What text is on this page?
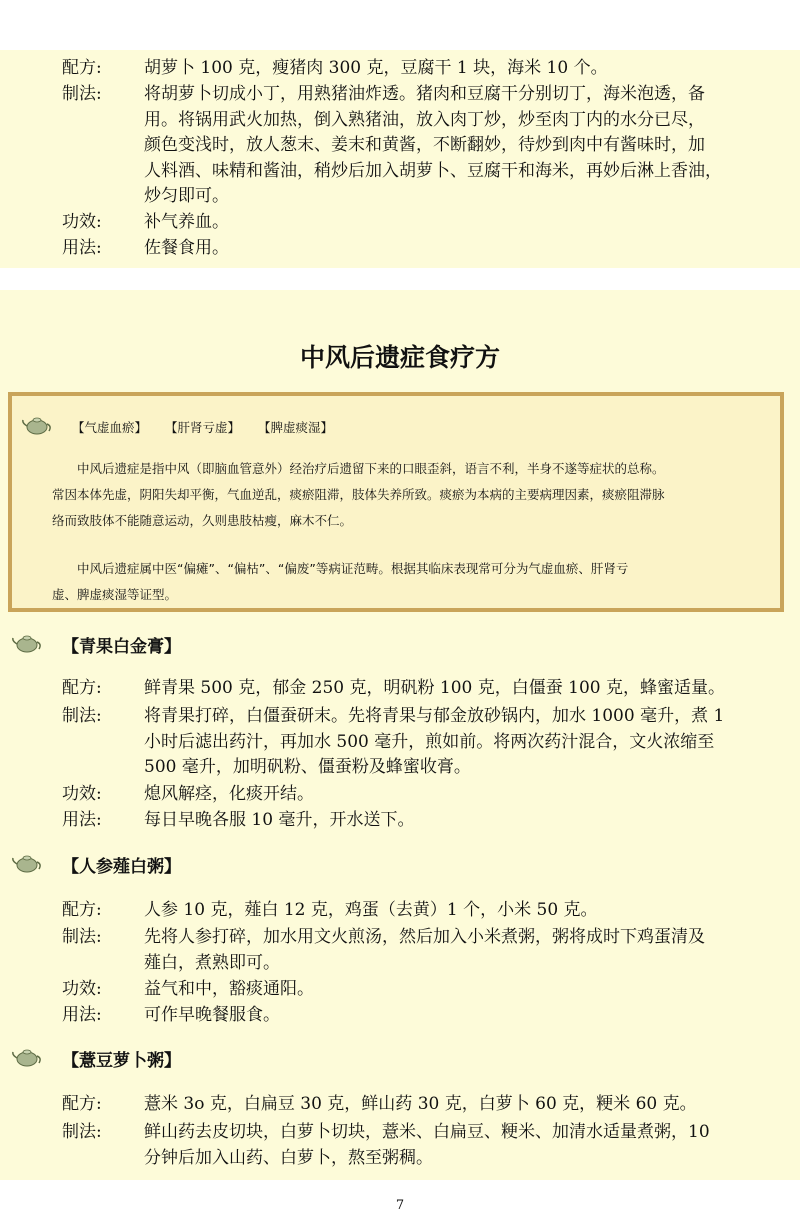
配方:	胡萝卜 100 克，瘦猪肉 300 克，豆腐干 1 块，海米 10 个。
制法:	将胡萝卜切成小丁，用熟猪油炸透。猪肉和豆腐干分别切丁，海米泡透，备
用。将锅用武火加热，倒入熟猪油，放入肉丁炒，炒至肉丁内的水分已尽，
颜色变浅时，放人葱末、姜末和黄酱，不断翻妙，待炒到肉中有酱味时，加
人料酒、味精和酱油，稍炒后加入胡萝卜、豆腐干和海米，再妙后淋上香油，
炒匀即可。
功效:	补气养血。
用法:	佐餐食用。
中风后遗症食疗方
【气虚血瘀】 【肝肾亏虚】 【脾虚痰湿】
中风后遗症是指中风（即脑血管意外）经治疗后遗留下来的口眼歪斜，语言不利，半身不遂等症状的总称。
常因本体先虚，阴阳失却平衡，气血逆乱，痰瘀阻滞，肢体失养所致。痰瘀为本病的主要病理因素，痰瘀阻滞脉
络而致肢体不能随意运动，久则患肢枯瘦，麻木不仁。
中风后遗症属中医“偏瘫”、“偏枯”、“偏废”等病证范畴。根据其临床表现常可分为气虚血瘀、肝肾亏
虚、脾虚痰湿等证型。
【青果白金膏】
配方:	鲜青果 500 克，郁金 250 克，明矾粉 100 克，白僵蚕 100 克，蜂蜜适量。
制法:	将青果打碎，白僵蚕研末。先将青果与郁金放砂锅内，加水 1000 毫升，煮 1
小时后滤出药汁，再加水 500 毫升，煎如前。将两次药汁混合，文火浓缩至
500 毫升，加明矾粉、僵蚕粉及蜂蜜收膏。
功效:	熄风解痉，化痰开结。
用法:	每日早晚各服 10 毫升，开水送下。
【人参薤白粥】
配方:	人参 10 克，薤白 12 克，鸡蛋（去黄）1 个，小米 50 克。
制法:	先将人参打碎，加水用文火煎汤，然后加入小米煮粥，粥将成时下鸡蛋清及
薤白，煮熟即可。
功效:	益气和中，豁痰通阳。
用法:	可作早晚餐服食。
【薏豆萝卜粥】
配方:	薏米 3o 克，白扁豆 30 克，鲜山药 30 克，白萝卜 60 克，粳米 60 克。
制法:	鲜山药去皮切块，白萝卜切块，薏米、白扁豆、粳米、加清水适量煮粥，10
分钟后加入山药、白萝卜，熬至粥稠。
7
